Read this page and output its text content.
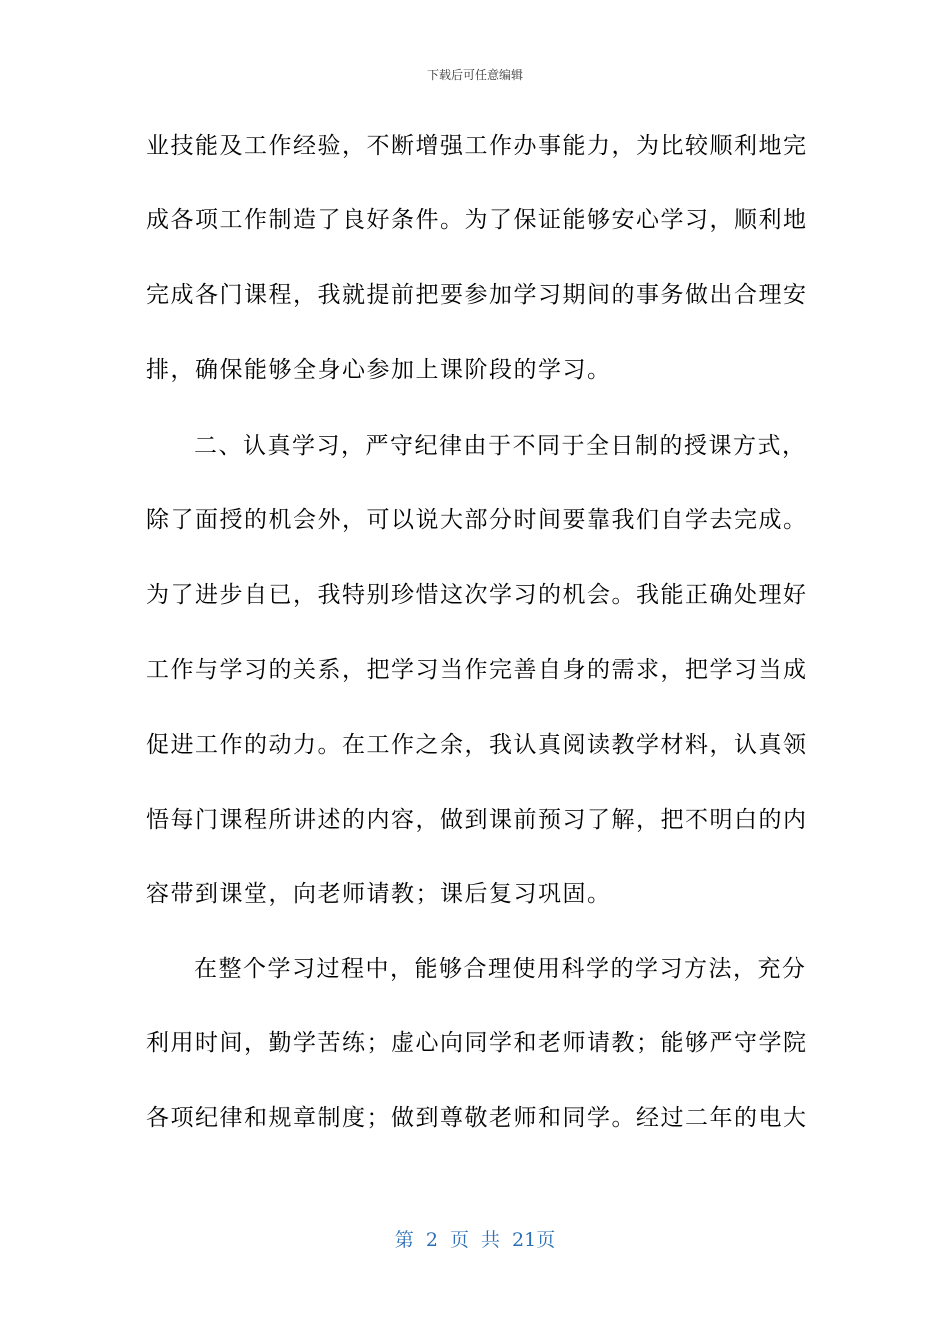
下载后可任意编辑
业技能及工作经验，不断增强工作办事能力，为比较顺利地完
成各项工作制造了良好条件。为了保证能够安心学习，顺利地
完成各门课程，我就提前把要参加学习期间的事务做出合理安
排，确保能够全身心参加上课阶段的学习。
二、认真学习，严守纪律由于不同于全日制的授课方式，
除了面授的机会外，可以说大部分时间要靠我们自学去完成。
为了进步自已，我特别珍惜这次学习的机会。我能正确处理好
工作与学习的关系，把学习当作完善自身的需求，把学习当成
促进工作的动力。在工作之余，我认真阅读教学材料，认真领
悟每门课程所讲述的内容，做到课前预习了解，把不明白的内
容带到课堂，向老师请教；课后复习巩固。
在整个学习过程中，能够合理使用科学的学习方法，充分
利用时间，勤学苦练；虚心向同学和老师请教；能够严守学院
各项纪律和规章制度；做到尊敬老师和同学。经过二年的电大
第 2 页 共 21页
